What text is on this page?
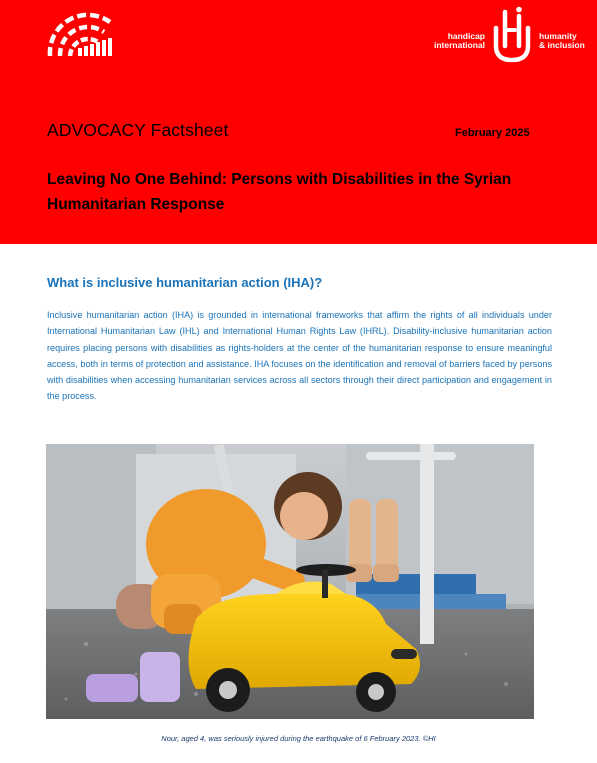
handicap
international
humanity
& inclusion
ADVOCACY Factsheet	February 2025
Leaving No One Behind: Persons with Disabilities in the Syrian Humanitarian Response
What is inclusive humanitarian action (IHA)?

Inclusive humanitarian action (IHA) is grounded in international frameworks that affirm the rights of all individuals under International Humanitarian Law (IHL) and International Human Rights Law (IHRL). Disability-inclusive humanitarian action requires placing persons with disabilities as rights-holders at the center of the humanitarian response to ensure meaningful access, both in terms of protection and assistance. IHA focuses on the identification and removal of barriers faced by persons with disabilities when accessing humanitarian services across all sectors through their direct participation and engagement in the process.

Nour, aged 4, was seriously injured during the earthquake of 6 February 2023. ©HI
